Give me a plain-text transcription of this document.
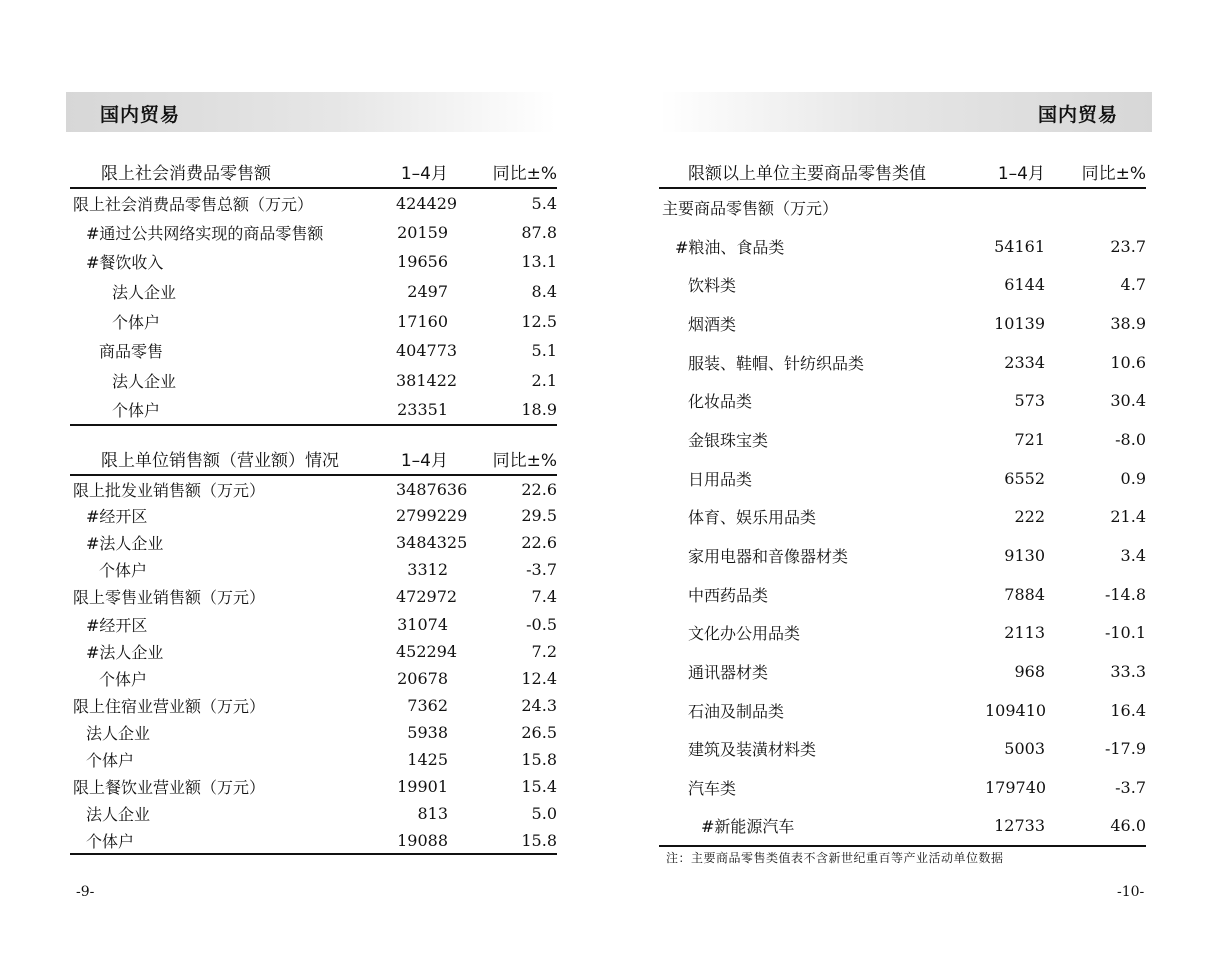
国内贸易
限上社会消费品零售额	1–4月	同比±%
限上社会消费品零售总额（万元）	424429	5.4
#通过公共网络实现的商品零售额	20159	87.8
#餐饮收入	19656	13.1
法人企业	2497	8.4
个体户	17160	12.5
商品零售	404773	5.1
法人企业	381422	2.1
个体户	23351	18.9
限上单位销售额（营业额）情况	1–4月	同比±%
限上批发业销售额（万元）	3487636	22.6
#经开区	2799229	29.5
#法人企业	3484325	22.6
个体户	3312	-3.7
限上零售业销售额（万元）	472972	7.4
#经开区	31074	-0.5
#法人企业	452294	7.2
个体户	20678	12.4
限上住宿业营业额（万元）	7362	24.3
法人企业	5938	26.5
个体户	1425	15.8
限上餐饮业营业额（万元）	19901	15.4
法人企业	813	5.0
个体户	19088	15.8
-9-
国内贸易
限额以上单位主要商品零售类值	1–4月	同比±%
主要商品零售额（万元）		
#粮油、食品类	54161	23.7
饮料类	6144	4.7
烟酒类	10139	38.9
服装、鞋帽、针纺织品类	2334	10.6
化妆品类	573	30.4
金银珠宝类	721	-8.0
日用品类	6552	0.9
体育、娱乐用品类	222	21.4
家用电器和音像器材类	9130	3.4
中西药品类	7884	-14.8
文化办公用品类	2113	-10.1
通讯器材类	968	33.3
石油及制品类	109410	16.4
建筑及装潢材料类	5003	-17.9
汽车类	179740	-3.7
#新能源汽车	12733	46.0
注：主要商品零售类值表不含新世纪重百等产业活动单位数据
-10-
